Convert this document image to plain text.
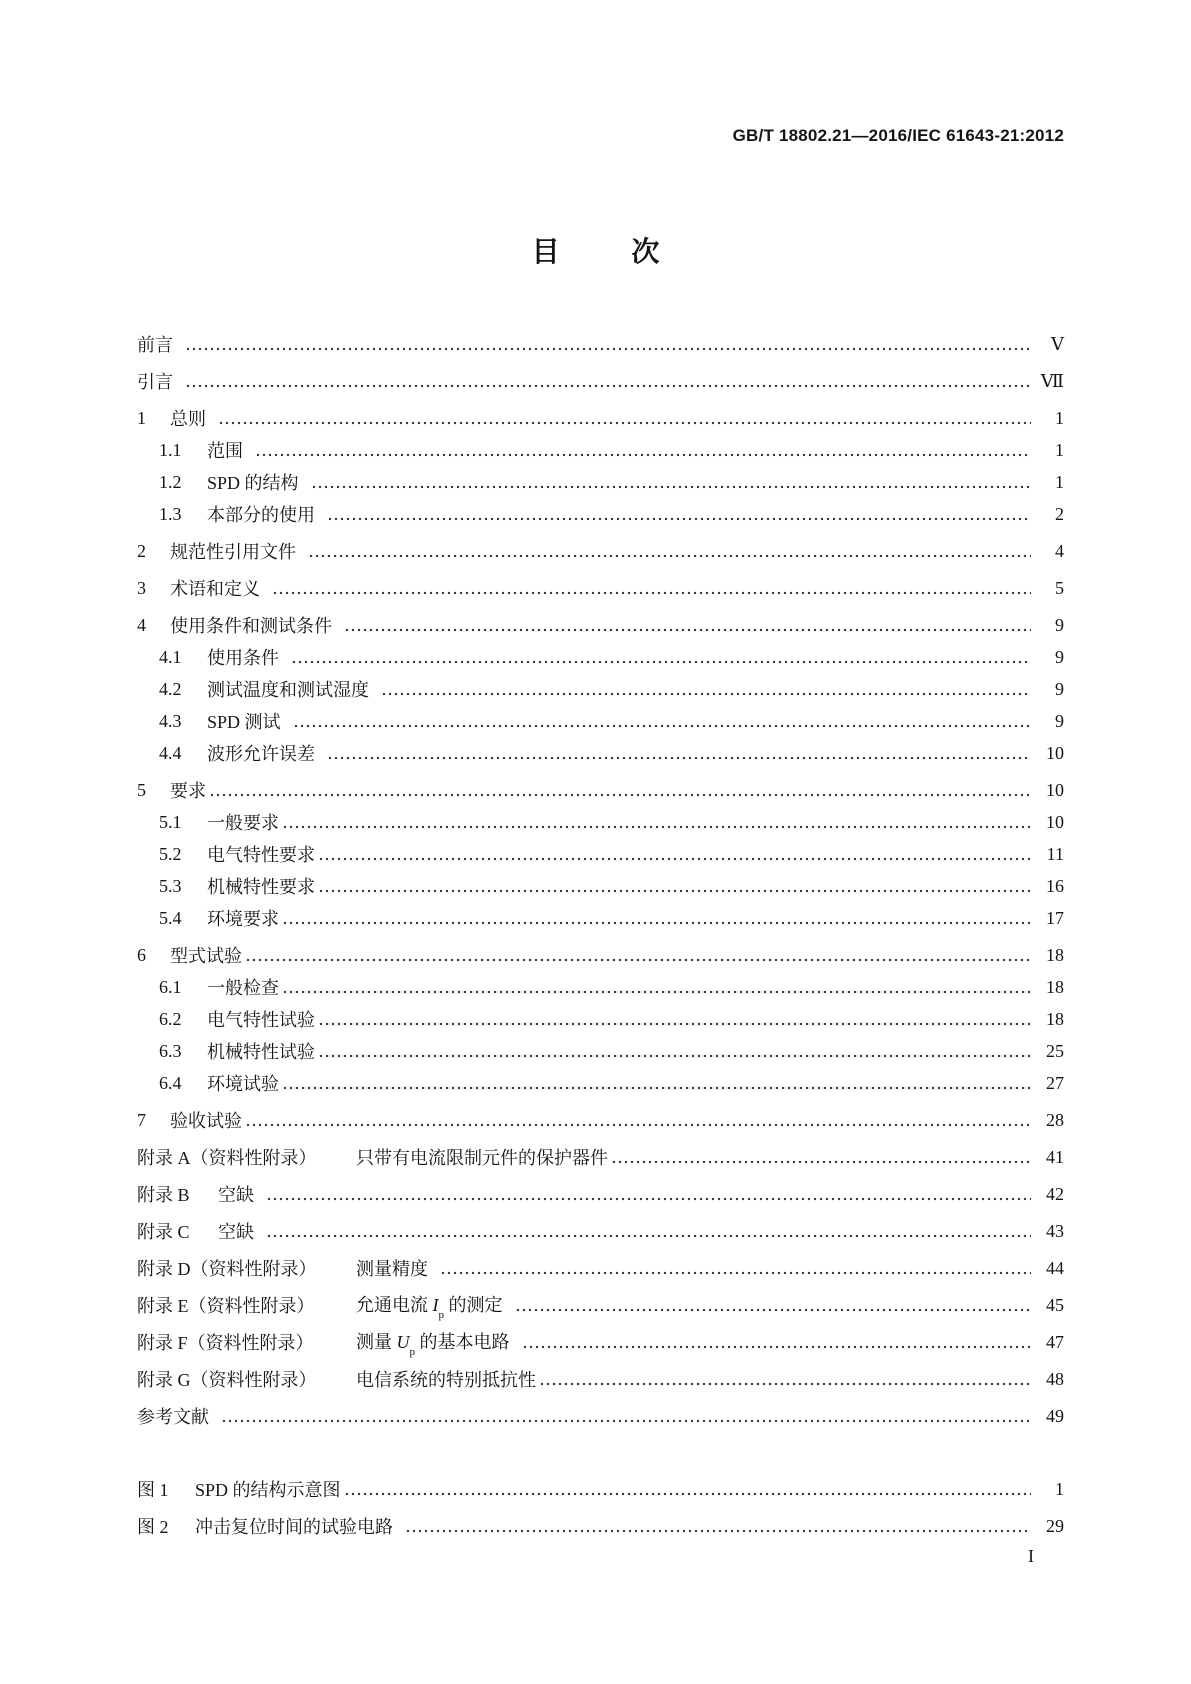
GB/T 18802.21—2016/IEC 61643-21:2012
目 次
前言	Ⅴ
引言	Ⅶ
1	总则	1
1.1	范围	1
1.2	SPD 的结构	1
1.3	本部分的使用	2
2	规范性引用文件	4
3	术语和定义	5
4	使用条件和测试条件	9
4.1	使用条件	9
4.2	测试温度和测试湿度	9
4.3	SPD 测试	9
4.4	波形允许误差	10
5	要求	10
5.1	一般要求	10
5.2	电气特性要求	11
5.3	机械特性要求	16
5.4	环境要求	17
6	型式试验	18
6.1	一般检查	18
6.2	电气特性试验	18
6.3	机械特性试验	25
6.4	环境试验	27
7	验收试验	28
附录 A（资料性附录）	只带有电流限制元件的保护器件	41
附录 B	空缺	42
附录 C	空缺	43
附录 D（资料性附录）	测量精度	44
附录 E（资料性附录）	允通电流 $I_p$ 的测定	45
附录 F（资料性附录）	测量 $U_p$ 的基本电路	47
附录 G（资料性附录）	电信系统的特别抵抗性	48
参考文献	49
图 1	SPD 的结构示意图	1
图 2	冲击复位时间的试验电路	29
I
